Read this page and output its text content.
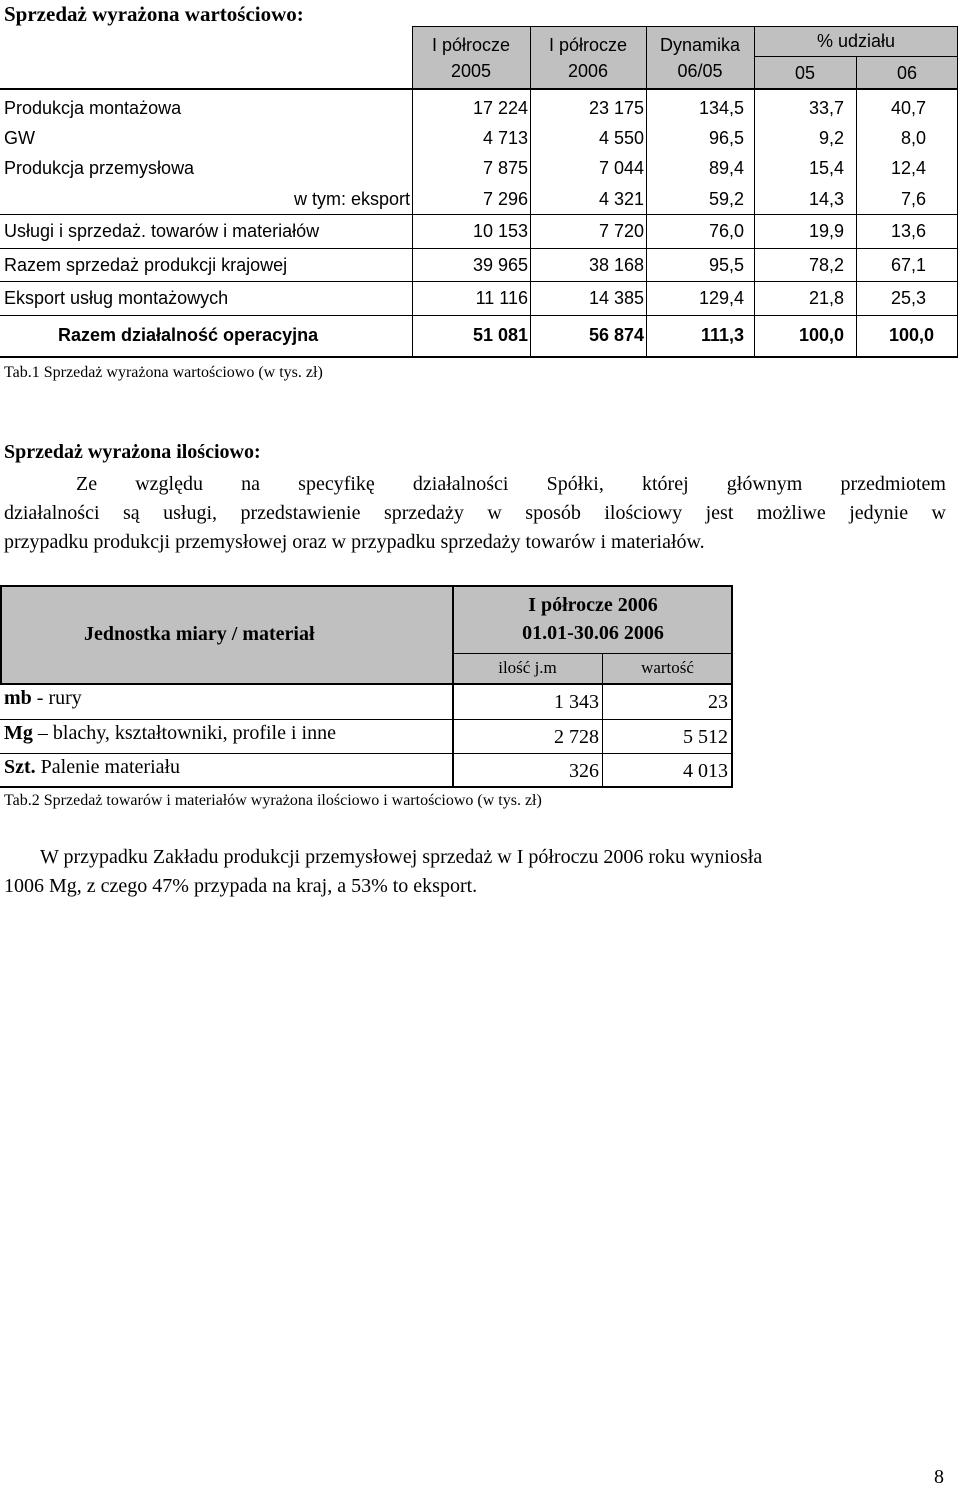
Sprzedaż wyrażona wartościowo:
I półrocze
2005
I półrocze
2006
Dynamika
06/05
% udziału
05	06
Produkcja montażowa	17 224	23 175	134,5	33,7	40,7
GW	4 713	4 550	96,5	9,2	8,0
Produkcja przemysłowa	7 875	7 044	89,4	15,4	12,4
w tym: eksport	7 296	4 321	59,2	14,3	7,6
Usługi i sprzedaż. towarów i materiałów	10 153	7 720	76,0	19,9	13,6
Razem sprzedaż produkcji krajowej	39 965	38 168	95,5	78,2	67,1
Eksport usług montażowych	11 116	14 385	129,4	21,8	25,3
Razem działalność operacyjna	51 081	56 874	111,3	100,0	100,0
Tab.1 Sprzedaż wyrażona wartościowo (w tys. zł)
Sprzedaż wyrażona ilościowo:
Ze względu na specyfikę działalności Spółki, której głównym przedmiotem
działalności są usługi, przedstawienie sprzedaży w sposób ilościowy jest możliwe jedynie w
przypadku produkcji przemysłowej oraz w przypadku sprzedaży towarów i materiałów.
Jednostka miary / materiał
I półrocze 2006
01.01-30.06 2006
ilość j.m	wartość
mb - rury	1 343	23
Mg – blachy, kształtowniki, profile i inne	2 728	5 512
Szt. Palenie materiału	326	4 013
Tab.2 Sprzedaż towarów i materiałów wyrażona ilościowo i wartościowo (w tys. zł)
W przypadku Zakładu produkcji przemysłowej sprzedaż w I półroczu 2006 roku wyniosła
1006 Mg, z czego 47% przypada na kraj, a 53% to eksport.
8
